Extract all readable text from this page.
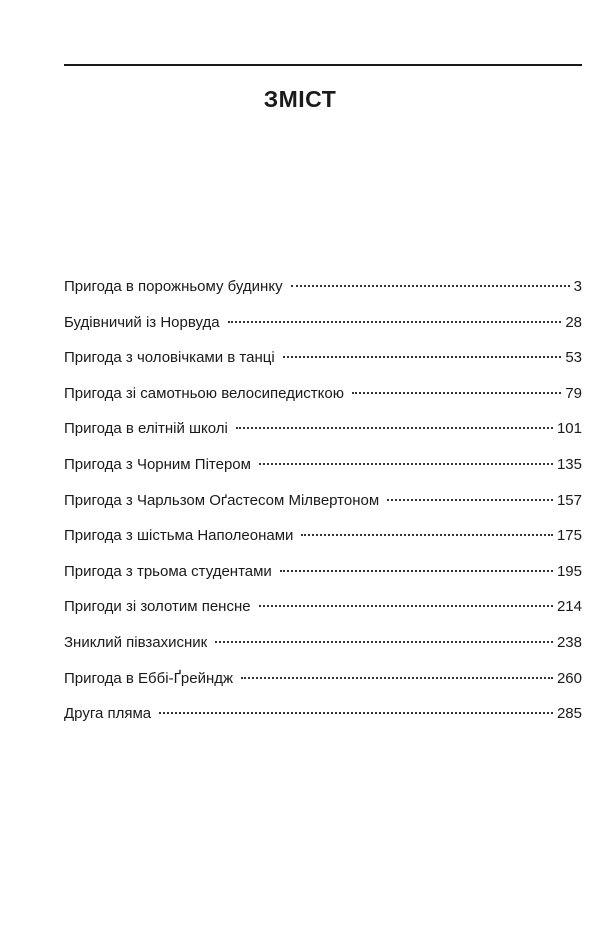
ЗМІСТ
Пригода в порожньому будинку	3
Будівничий із Норвуда	28
Пригода з чоловічками в танці	53
Пригода зі самотньою велосипедисткою	79
Пригода в елітній школі	101
Пригода з Чорним Пітером	135
Пригода з Чарльзом Оґастесом Мілвертоном	157
Пригода з шістьма Наполеонами	175
Пригода з трьома студентами	195
Пригоди зі золотим пенсне	214
Зниклий півзахисник	238
Пригода в Еббі-Ґрейндж	260
Друга пляма	285
